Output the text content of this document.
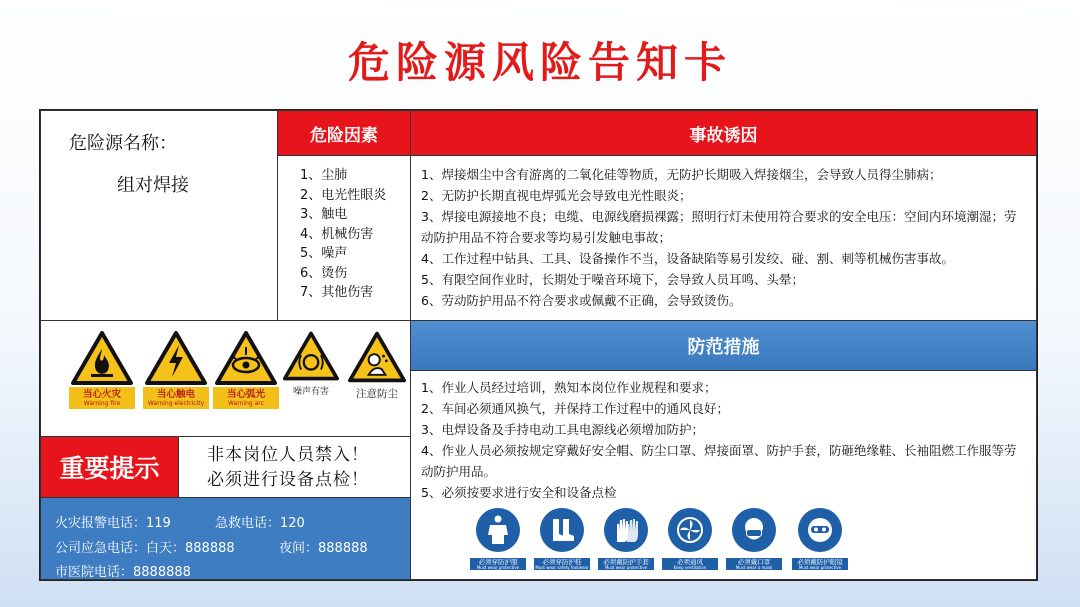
危险源风险告知卡
危险源名称：
组对焊接
危险因素
1、尘肺
2、电光性眼炎
3、触电
4、机械伤害
5、噪声
6、烫伤
7、其他伤害
事故诱因
1、焊接烟尘中含有游离的二氧化硅等物质，无防护长期吸入焊接烟尘，会导致人员得尘肺病；
2、无防护长期直视电焊弧光会导致电光性眼炎；
3、焊接电源接地不良；电缆、电源线磨损裸露；照明行灯未使用符合要求的安全电压：空间内环境潮湿；劳动防护用品不符合要求等均易引发触电事故；
4、工作过程中钻具、工具、设备操作不当，设备缺陷等易引发绞、碰、割、刺等机械伤害事故。
5、有限空间作业时，长期处于噪音环境下，会导致人员耳鸣、头晕；
6、劳动防护用品不符合要求或佩戴不正确，会导致烫伤。
当心火灾
Warning fire
当心触电
Warning electricity
当心弧光
Warning arc
噪声有害	注意防尘
重要提示	非本岗位人员禁入！
必须进行设备点检！
火灾报警电话：119	急救电话：120
公司应急电话：白天：888888	夜间：888888
市医院电话：8888888
防范措施
1、作业人员经过培训，熟知本岗位作业规程和要求；
2、车间必须通风换气，并保持工作过程中的通风良好；
3、电焊设备及手持电动工具电源线必须增加防护；
4、作业人员必须按规定穿戴好安全帽、防尘口罩、焊接面罩、防护手套，防砸绝缘鞋、长袖阻燃工作服等劳动防护用品。
5、必须按要求进行安全和设备点检
必须穿防护服
Must wear protective clothing
必须穿防护鞋
Must wear safety footwear
必须戴防护手套
Must wear protective gloves
必须通风
Keep ventilation
必须戴口罩
Must wear a mask
必须戴防护眼镜
Must wear protective goggles
